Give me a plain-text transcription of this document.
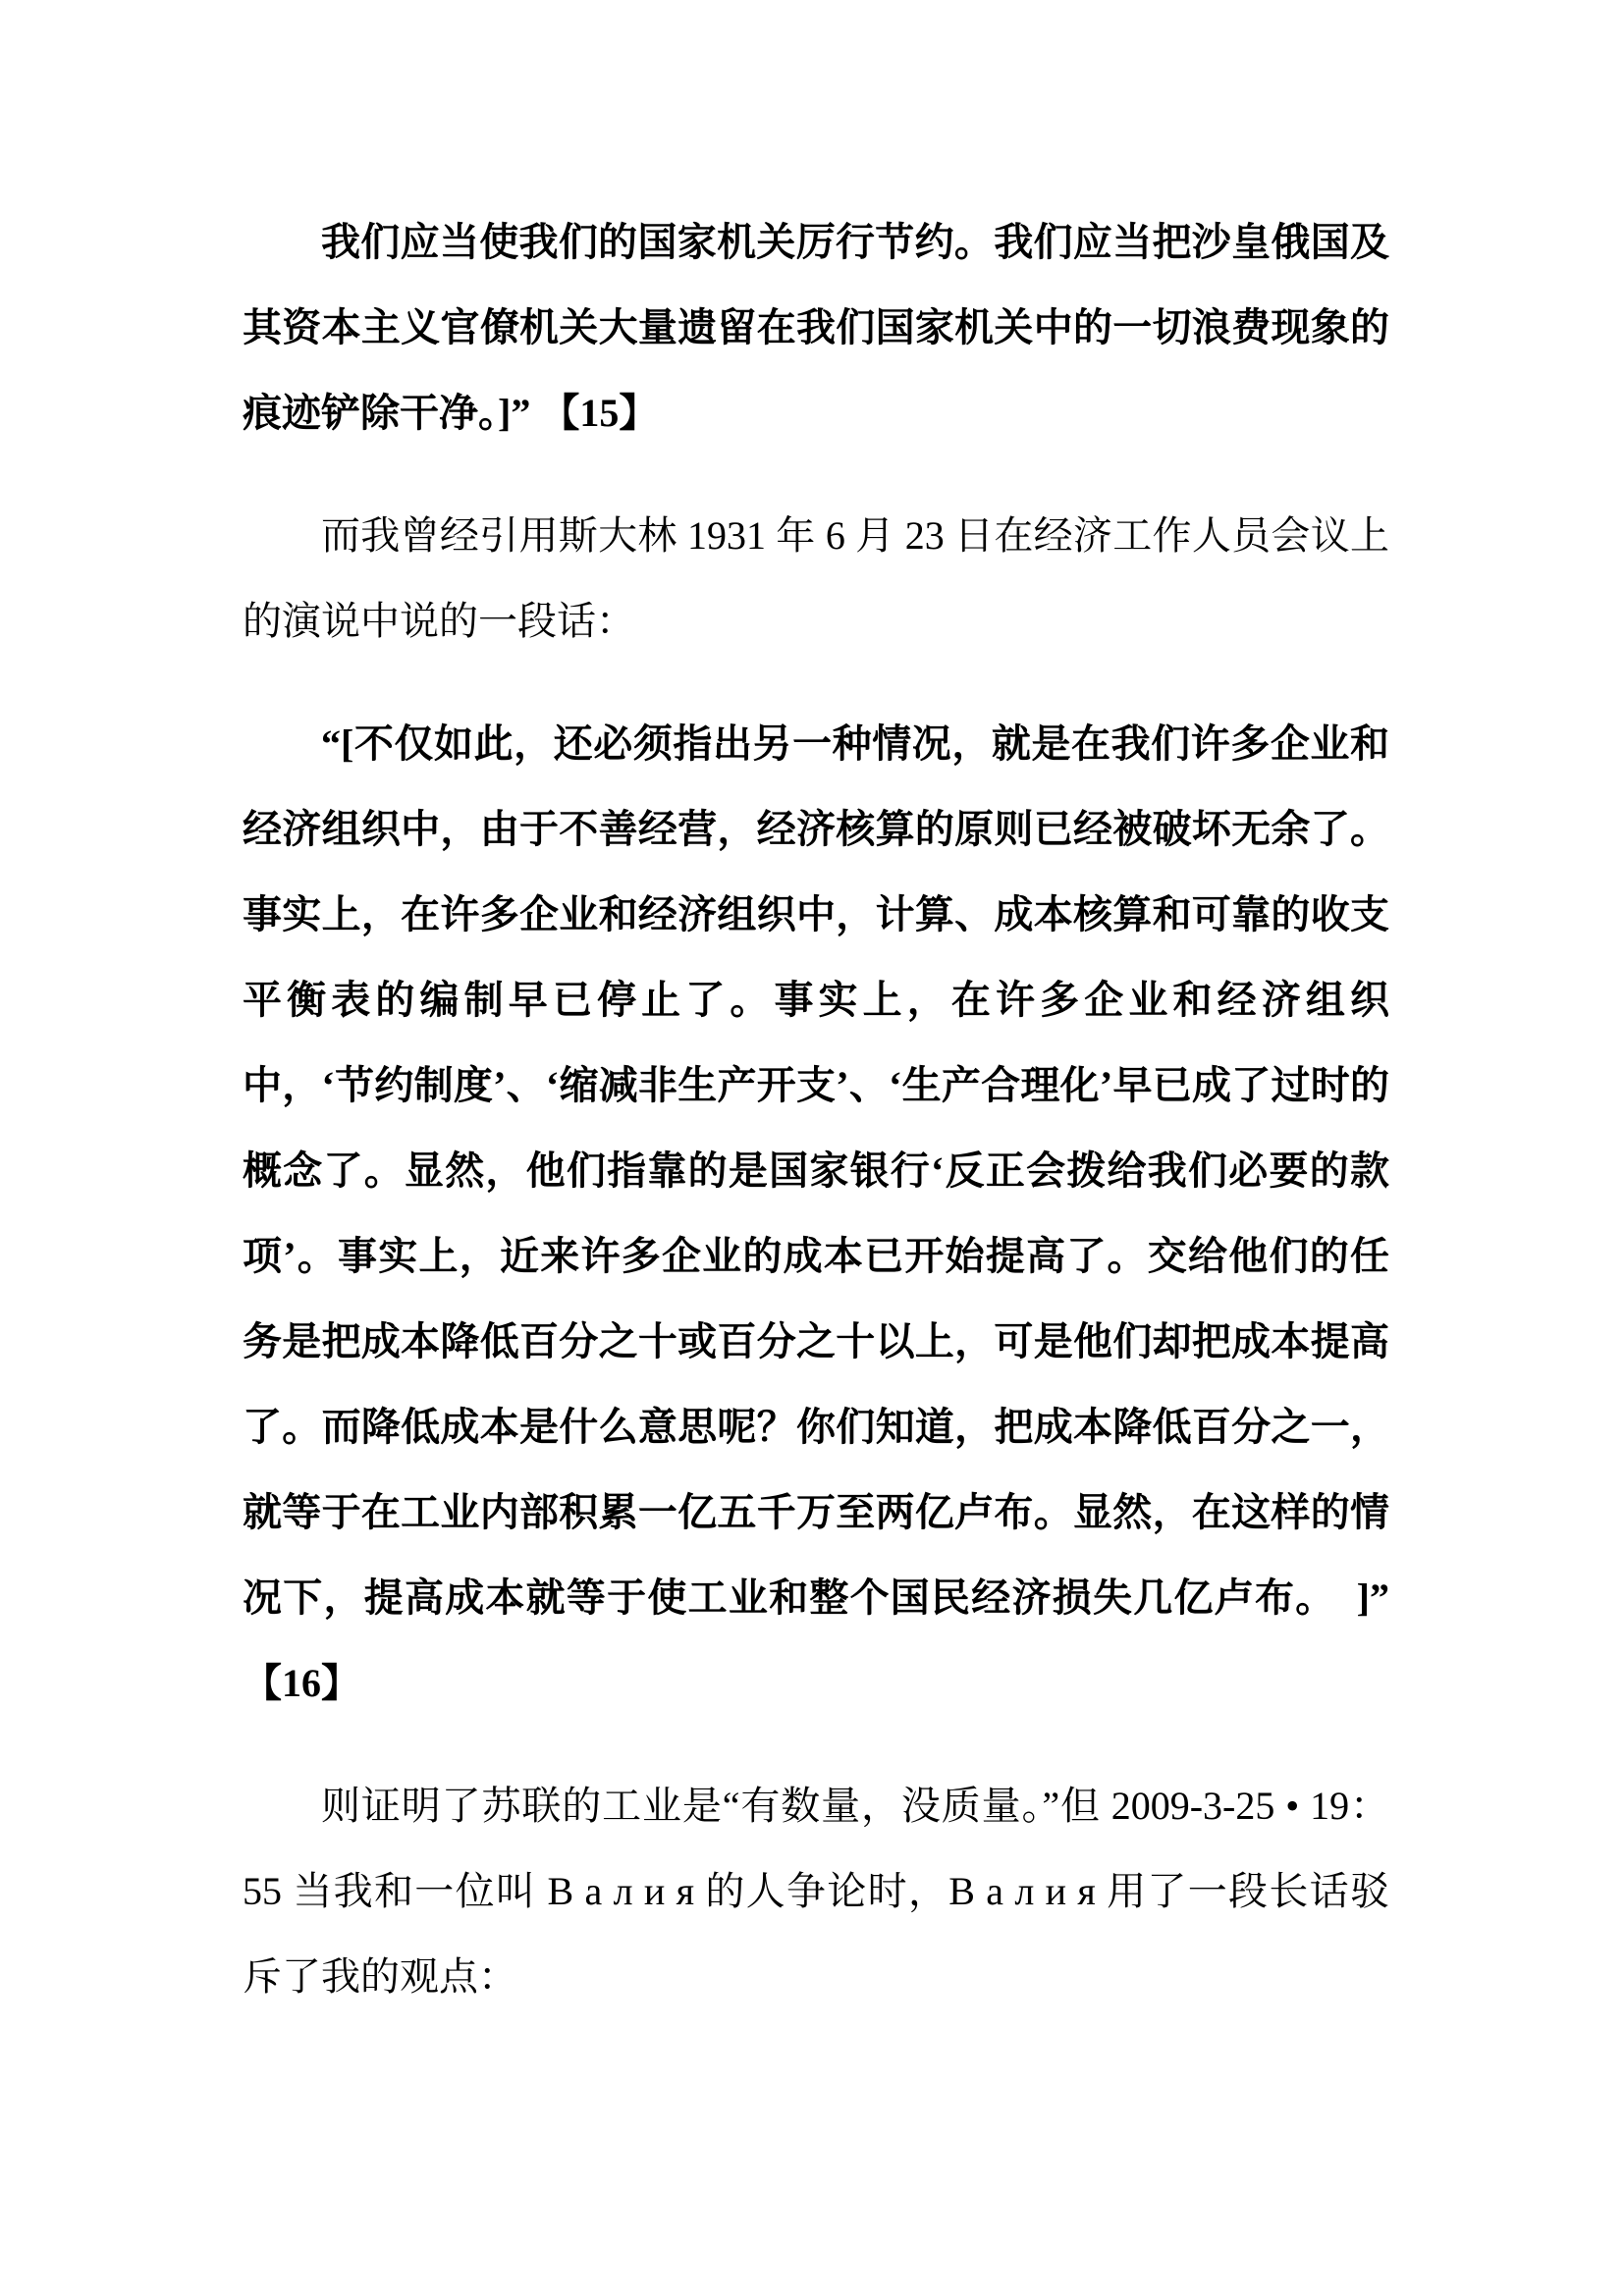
我们应当使我们的国家机关厉行节约。我们应当把沙皇俄国及其资本主义官僚机关大量遗留在我们国家机关中的一切浪费现象的痕迹铲除干净。]” 【15】

而我曾经引用斯大林 1931 年 6 月 23 日在经济工作人员会议上的演说中说的一段话：

“[不仅如此，还必须指出另一种情况，就是在我们许多企业和经济组织中，由于不善经营，经济核算的原则已经被破坏无余了。事实上，在许多企业和经济组织中，计算、成本核算和可靠的收支平衡表的编制早已停止了。事实上，在许多企业和经济组织中，‘节约制度’、‘缩减非生产开支’、‘生产合理化’早已成了过时的概念了。显然，他们指靠的是国家银行‘反正会拨给我们必要的款项’。事实上，近来许多企业的成本已开始提高了。交给他们的任务是把成本降低百分之十或百分之十以上，可是他们却把成本提高了。而降低成本是什么意思呢？你们知道，把成本降低百分之一，就等于在工业内部积累一亿五千万至两亿卢布。显然，在这样的情况下，提高成本就等于使工业和整个国民经济损失几亿卢布。　]”【16】

则证明了苏联的工业是“有数量，没质量。”但 2009-3-25 • 19：55 当我和一位叫 В а л и я 的人争论时，В а л и я 用了一段长话驳斥了我的观点：
